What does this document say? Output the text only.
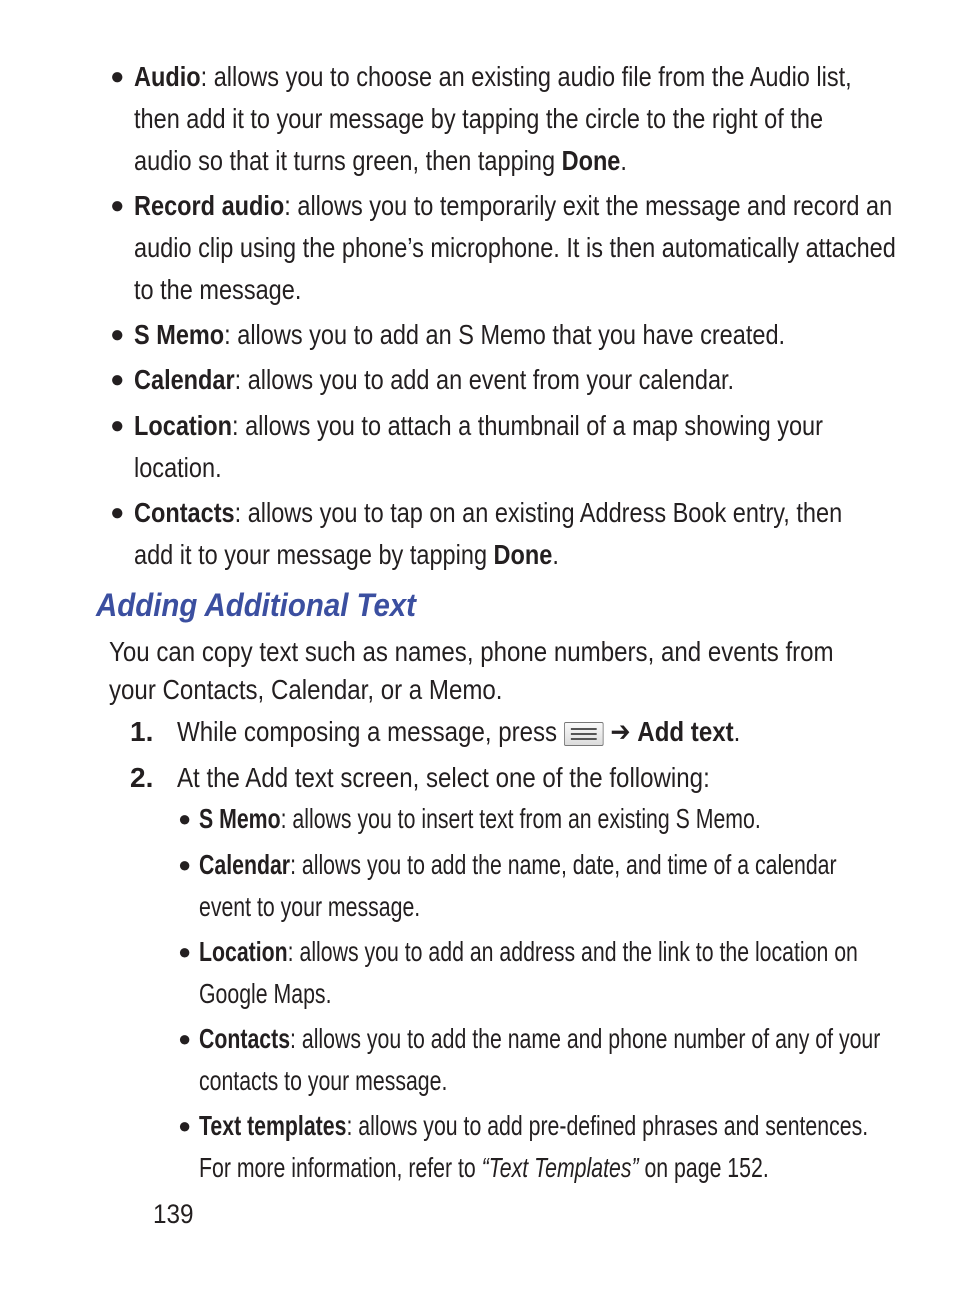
● Audio: allows you to choose an existing audio file from the Audio list,
then add it to your message by tapping the circle to the right of the
audio so that it turns green, then tapping Done.
● Record audio: allows you to temporarily exit the message and record an
audio clip using the phone’s microphone. It is then automatically attached
to the message.
● S Memo: allows you to add an S Memo that you have created.
● Calendar: allows you to add an event from your calendar.
● Location: allows you to attach a thumbnail of a map showing your
location.
● Contacts: allows you to tap on an existing Address Book entry, then
add it to your message by tapping Done.
Adding Additional Text
You can copy text such as names, phone numbers, and events from
your Contacts, Calendar, or a Memo.
1. While composing a message, press ➔ Add text.
2. At the Add text screen, select one of the following:
● S Memo: allows you to insert text from an existing S Memo.
● Calendar: allows you to add the name, date, and time of a calendar
event to your message.
● Location: allows you to add an address and the link to the location on
Google Maps.
● Contacts: allows you to add the name and phone number of any of your
contacts to your message.
● Text templates: allows you to add pre-defined phrases and sentences.
For more information, refer to “Text Templates” on page 152.
139
